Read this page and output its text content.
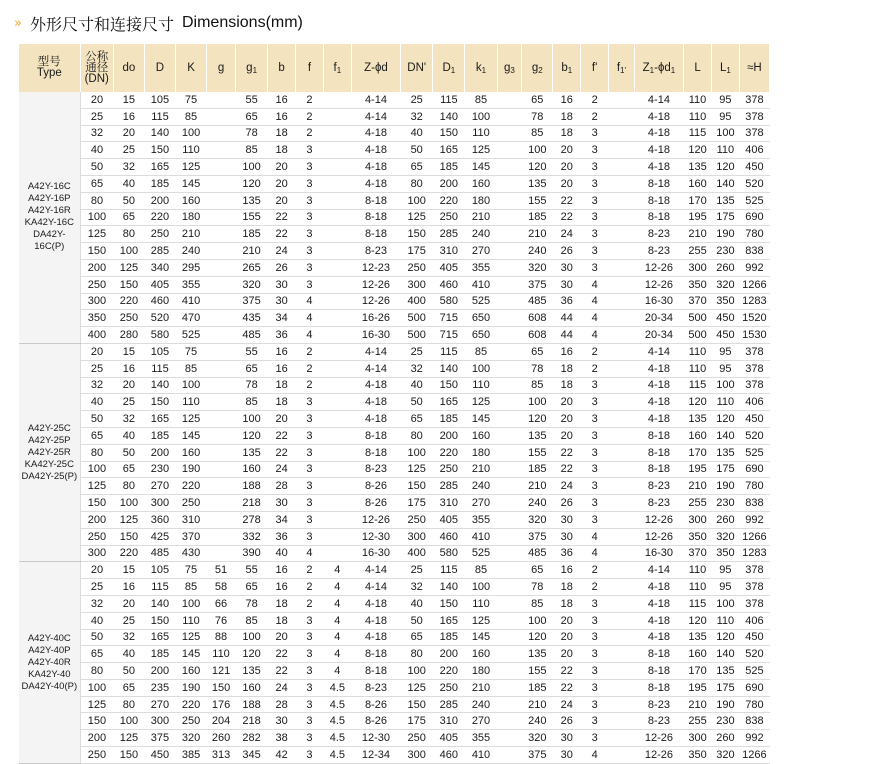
» 外形尺寸和连接尺寸 Dimensions(mm)
型号
Type	公称
通径
(DN)	do	D	K	g	$g_1$	b	f	$f_1$	Z-ϕd	DN'	$D_1$	$k_1$	$g_3$	$g_2$	$b_1$	f'	$f_{1'}$	$Z_1-\phi d_1$	L	$L_1$	≈H
A42Y-16C
A42Y-16P
A42Y-16R
KA42Y-16C
DA42Y-16C(P)	20	15	105	75		55	16	2		4-14	25	115	85		65	16	2		4-14	110	95	378
	25	16	115	85		65	16	2		4-14	32	140	100		78	18	2		4-18	110	95	378
	32	20	140	100		78	18	2		4-18	40	150	110		85	18	3		4-18	115	100	378
	40	25	150	110		85	18	3		4-18	50	165	125		100	20	3		4-18	120	110	406
	50	32	165	125		100	20	3		4-18	65	185	145		120	20	3		4-18	135	120	450
	65	40	185	145		120	20	3		4-18	80	200	160		135	20	3		8-18	160	140	520
	80	50	200	160		135	20	3		8-18	100	220	180		155	22	3		8-18	170	135	525
	100	65	220	180		155	22	3		8-18	125	250	210		185	22	3		8-18	195	175	690
	125	80	250	210		185	22	3		8-18	150	285	240		210	24	3		8-23	210	190	780
	150	100	285	240		210	24	3		8-23	175	310	270		240	26	3		8-23	255	230	838
	200	125	340	295		265	26	3		12-23	250	405	355		320	30	3		12-26	300	260	992
	250	150	405	355		320	30	3		12-26	300	460	410		375	30	4		12-26	350	320	1266
	300	220	460	410		375	30	4		12-26	400	580	525		485	36	4		16-30	370	350	1283
	350	250	520	470		435	34	4		16-26	500	715	650		608	44	4		20-34	500	450	1520
	400	280	580	525		485	36	4		16-30	500	715	650		608	44	4		20-34	500	450	1530
A42Y-25C
A42Y-25P
A42Y-25R
KA42Y-25C
DA42Y-25(P)	20	15	105	75		55	16	2		4-14	25	115	85		65	16	2		4-14	110	95	378
	25	16	115	85		65	16	2		4-14	32	140	100		78	18	2		4-18	110	95	378
	32	20	140	100		78	18	2		4-18	40	150	110		85	18	3		4-18	115	100	378
	40	25	150	110		85	18	3		4-18	50	165	125		100	20	3		4-18	120	110	406
	50	32	165	125		100	20	3		4-18	65	185	145		120	20	3		4-18	135	120	450
	65	40	185	145		120	22	3		8-18	80	200	160		135	20	3		8-18	160	140	520
	80	50	200	160		135	22	3		8-18	100	220	180		155	22	3		8-18	170	135	525
	100	65	230	190		160	24	3		8-23	125	250	210		185	22	3		8-18	195	175	690
	125	80	270	220		188	28	3		8-26	150	285	240		210	24	3		8-23	210	190	780
	150	100	300	250		218	30	3		8-26	175	310	270		240	26	3		8-23	255	230	838
	200	125	360	310		278	34	3		12-26	250	405	355		320	30	3		12-26	300	260	992
	250	150	425	370		332	36	3		12-30	300	460	410		375	30	4		12-26	350	320	1266
	300	220	485	430		390	40	4		16-30	400	580	525		485	36	4		16-30	370	350	1283
A42Y-40C
A42Y-40P
A42Y-40R
KA42Y-40
DA42Y-40(P)	20	15	105	75	51	55	16	2	4	4-14	25	115	85		65	16	2		4-14	110	95	378
	25	16	115	85	58	65	16	2	4	4-14	32	140	100		78	18	2		4-18	110	95	378
	32	20	140	100	66	78	18	2	4	4-18	40	150	110		85	18	3		4-18	115	100	378
	40	25	150	110	76	85	18	3	4	4-18	50	165	125		100	20	3		4-18	120	110	406
	50	32	165	125	88	100	20	3	4	4-18	65	185	145		120	20	3		4-18	135	120	450
	65	40	185	145	110	120	22	3	4	8-18	80	200	160		135	20	3		8-18	160	140	520
	80	50	200	160	121	135	22	3	4	8-18	100	220	180		155	22	3		8-18	170	135	525
	100	65	235	190	150	160	24	3	4.5	8-23	125	250	210		185	22	3		8-18	195	175	690
	125	80	270	220	176	188	28	3	4.5	8-26	150	285	240		210	24	3		8-23	210	190	780
	150	100	300	250	204	218	30	3	4.5	8-26	175	310	270		240	26	3		8-23	255	230	838
	200	125	375	320	260	282	38	3	4.5	12-30	250	405	355		320	30	3		12-26	300	260	992
	250	150	450	385	313	345	42	3	4.5	12-34	300	460	410		375	30	4		12-26	350	320	1266
